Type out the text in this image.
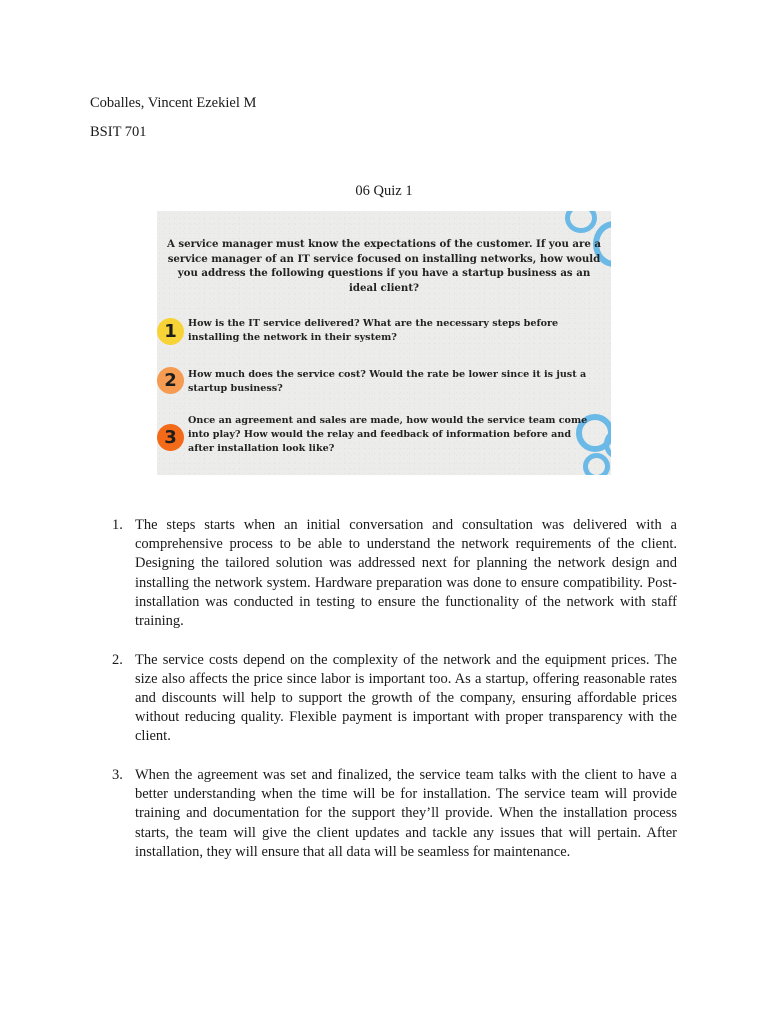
Coballes, Vincent Ezekiel M
BSIT 701
06 Quiz 1
A service manager must know the expectations of the customer. If you are a service manager of an IT service focused on installing networks, how would you address the following questions if you have a startup business as an ideal client?
1	How is the IT service delivered? What are the necessary steps before installing the network in their system?
2	How much does the service cost? Would the rate be lower since it is just a startup business?
3
Once an agreement and sales are made, how would the service team come into play? How would the relay and feedback of information before and after installation look like?
1. The steps starts when an initial conversation and consultation was delivered with a comprehensive process to be able to understand the network requirements of the client. Designing the tailored solution was addressed next for planning the network design and installing the network system. Hardware preparation was done to ensure compatibility. Post-installation was conducted in testing to ensure the functionality of the network with staff training.
2. The service costs depend on the complexity of the network and the equipment prices. The size also affects the price since labor is important too. As a startup, offering reasonable rates and discounts will help to support the growth of the company, ensuring affordable prices without reducing quality. Flexible payment is important with proper transparency with the client.
3. When the agreement was set and finalized, the service team talks with the client to have a better understanding when the time will be for installation. The service team will provide training and documentation for the support they’ll provide. When the installation process starts, the team will give the client updates and tackle any issues that will pertain. After installation, they will ensure that all data will be seamless for maintenance.
